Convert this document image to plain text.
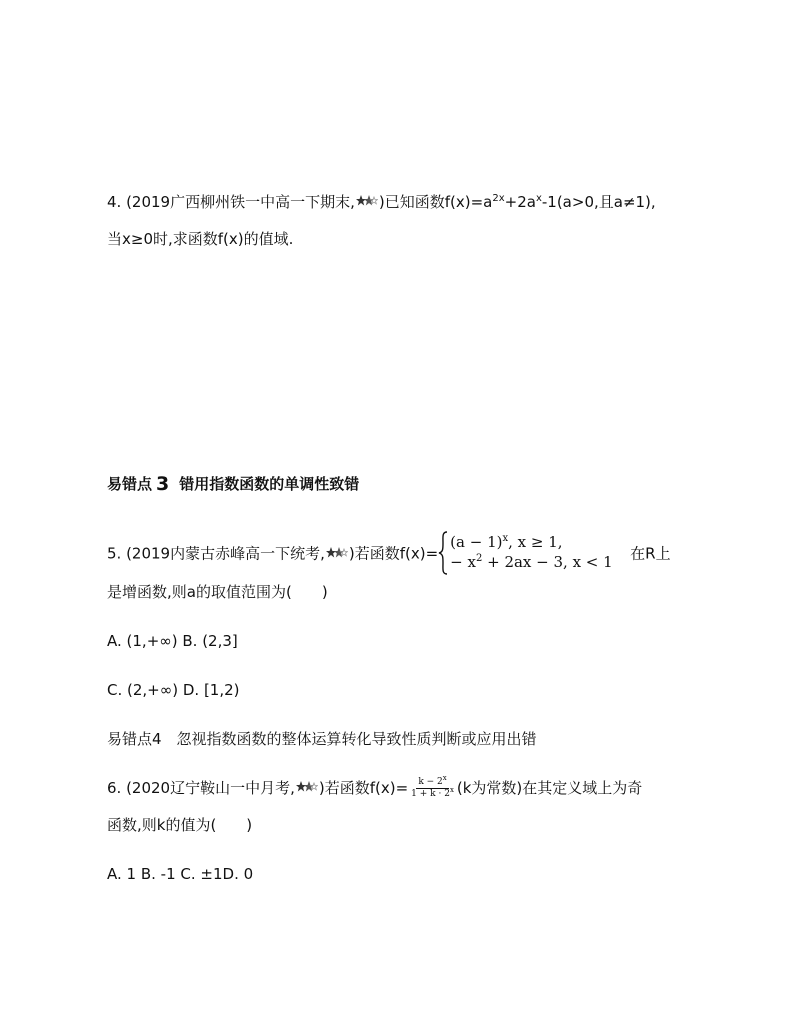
4. (2019广西柳州铁一中高一下期末, )已知函数$f(x)=a^{2x}+2a^x-1(a>0$,且a≠1),
当x≥0时,求函数f(x)的值域.
易错点 3 错用指数函数的单调性致错
5. (2019内蒙古赤峰高一下统考, )若函数f(x)=
$(a - 1)^x$, x ≥ 1,
− $x^2 + 2ax - 3$, x < 1 在R上
是增函数,则a的取值范围为(　　)
A. (1,+∞) B. (2,3]
C. (2,+∞) D. [1,2)
易错点4　忽视指数函数的整体运算转化导致性质判断或应用出错
6. (2020辽宁鞍山一中月考, )若函数$f(x)= \frac{k - 2^x}{1 + k \cdot 2^x} (k$为常数)在其定义域上为奇
函数,则k的值为(　　)
A. 1 B. -1 C. ±1D. 0
